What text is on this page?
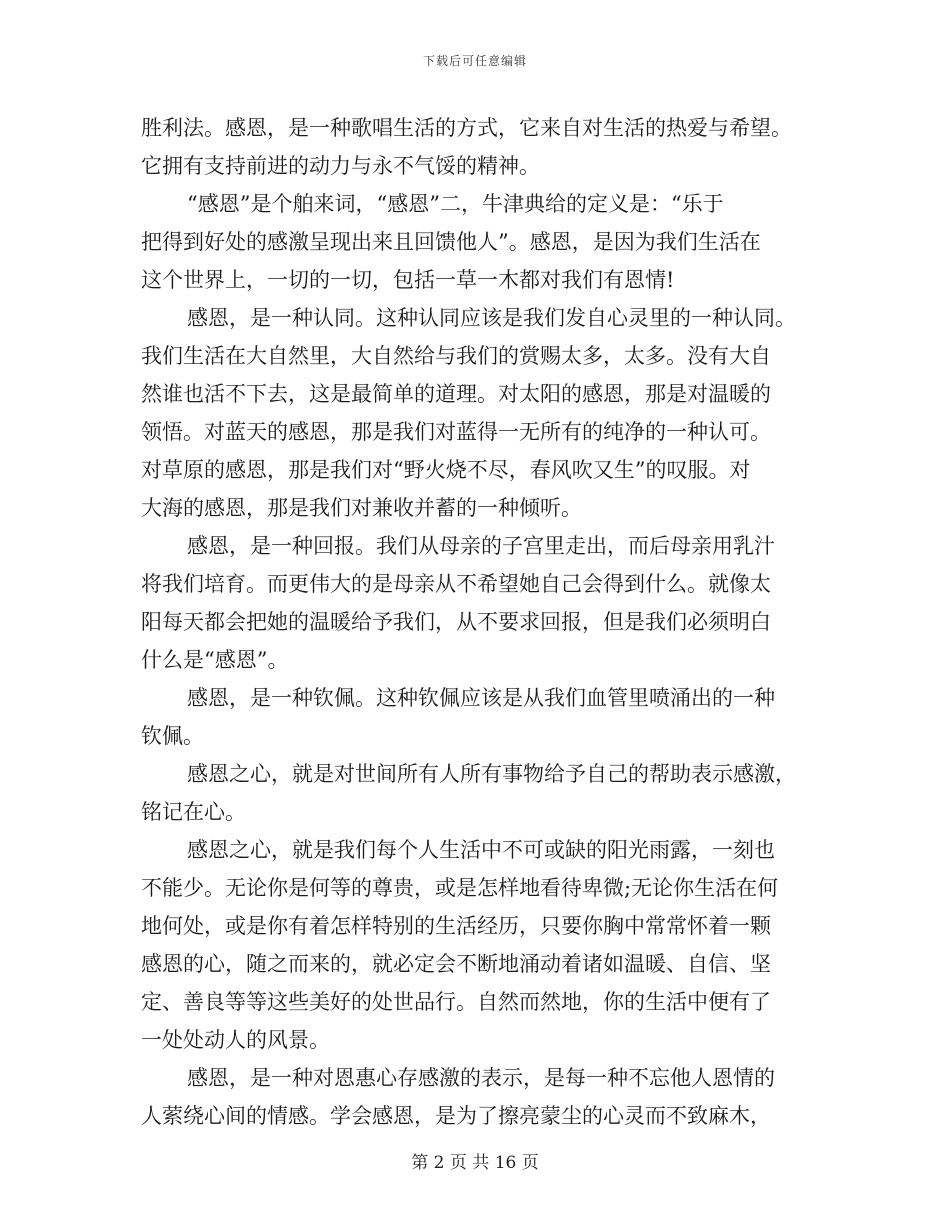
下载后可任意编辑
胜利法。感恩，是一种歌唱生活的方式，它来自对生活的热爱与希望。
它拥有支持前进的动力与永不气馁的精神。
“感恩”是个舶来词，“感恩”二，牛津典给的定义是：“乐于
把得到好处的感激呈现出来且回馈他人”。感恩，是因为我们生活在
这个世界上，一切的一切，包括一草一木都对我们有恩情!
感恩，是一种认同。这种认同应该是我们发自心灵里的一种认同。
我们生活在大自然里，大自然给与我们的赏赐太多，太多。没有大自
然谁也活不下去，这是最简单的道理。对太阳的感恩，那是对温暖的
领悟。对蓝天的感恩，那是我们对蓝得一无所有的纯净的一种认可。
对草原的感恩，那是我们对“野火烧不尽，春风吹又生”的叹服。对
大海的感恩，那是我们对兼收并蓄的一种倾听。
感恩，是一种回报。我们从母亲的子宫里走出，而后母亲用乳汁
将我们培育。而更伟大的是母亲从不希望她自己会得到什么。就像太
阳每天都会把她的温暖给予我们，从不要求回报，但是我们必须明白
什么是“感恩”。
感恩，是一种钦佩。这种钦佩应该是从我们血管里喷涌出的一种
钦佩。
感恩之心，就是对世间所有人所有事物给予自己的帮助表示感激，
铭记在心。
感恩之心，就是我们每个人生活中不可或缺的阳光雨露，一刻也
不能少。无论你是何等的尊贵，或是怎样地看待卑微;无论你生活在何
地何处，或是你有着怎样特别的生活经历，只要你胸中常常怀着一颗
感恩的心，随之而来的，就必定会不断地涌动着诸如温暖、自信、坚
定、善良等等这些美好的处世品行。自然而然地，你的生活中便有了
一处处动人的风景。
感恩，是一种对恩惠心存感激的表示，是每一种不忘他人恩情的
人萦绕心间的情感。学会感恩，是为了擦亮蒙尘的心灵而不致麻木，
第 2 页 共 16 页
